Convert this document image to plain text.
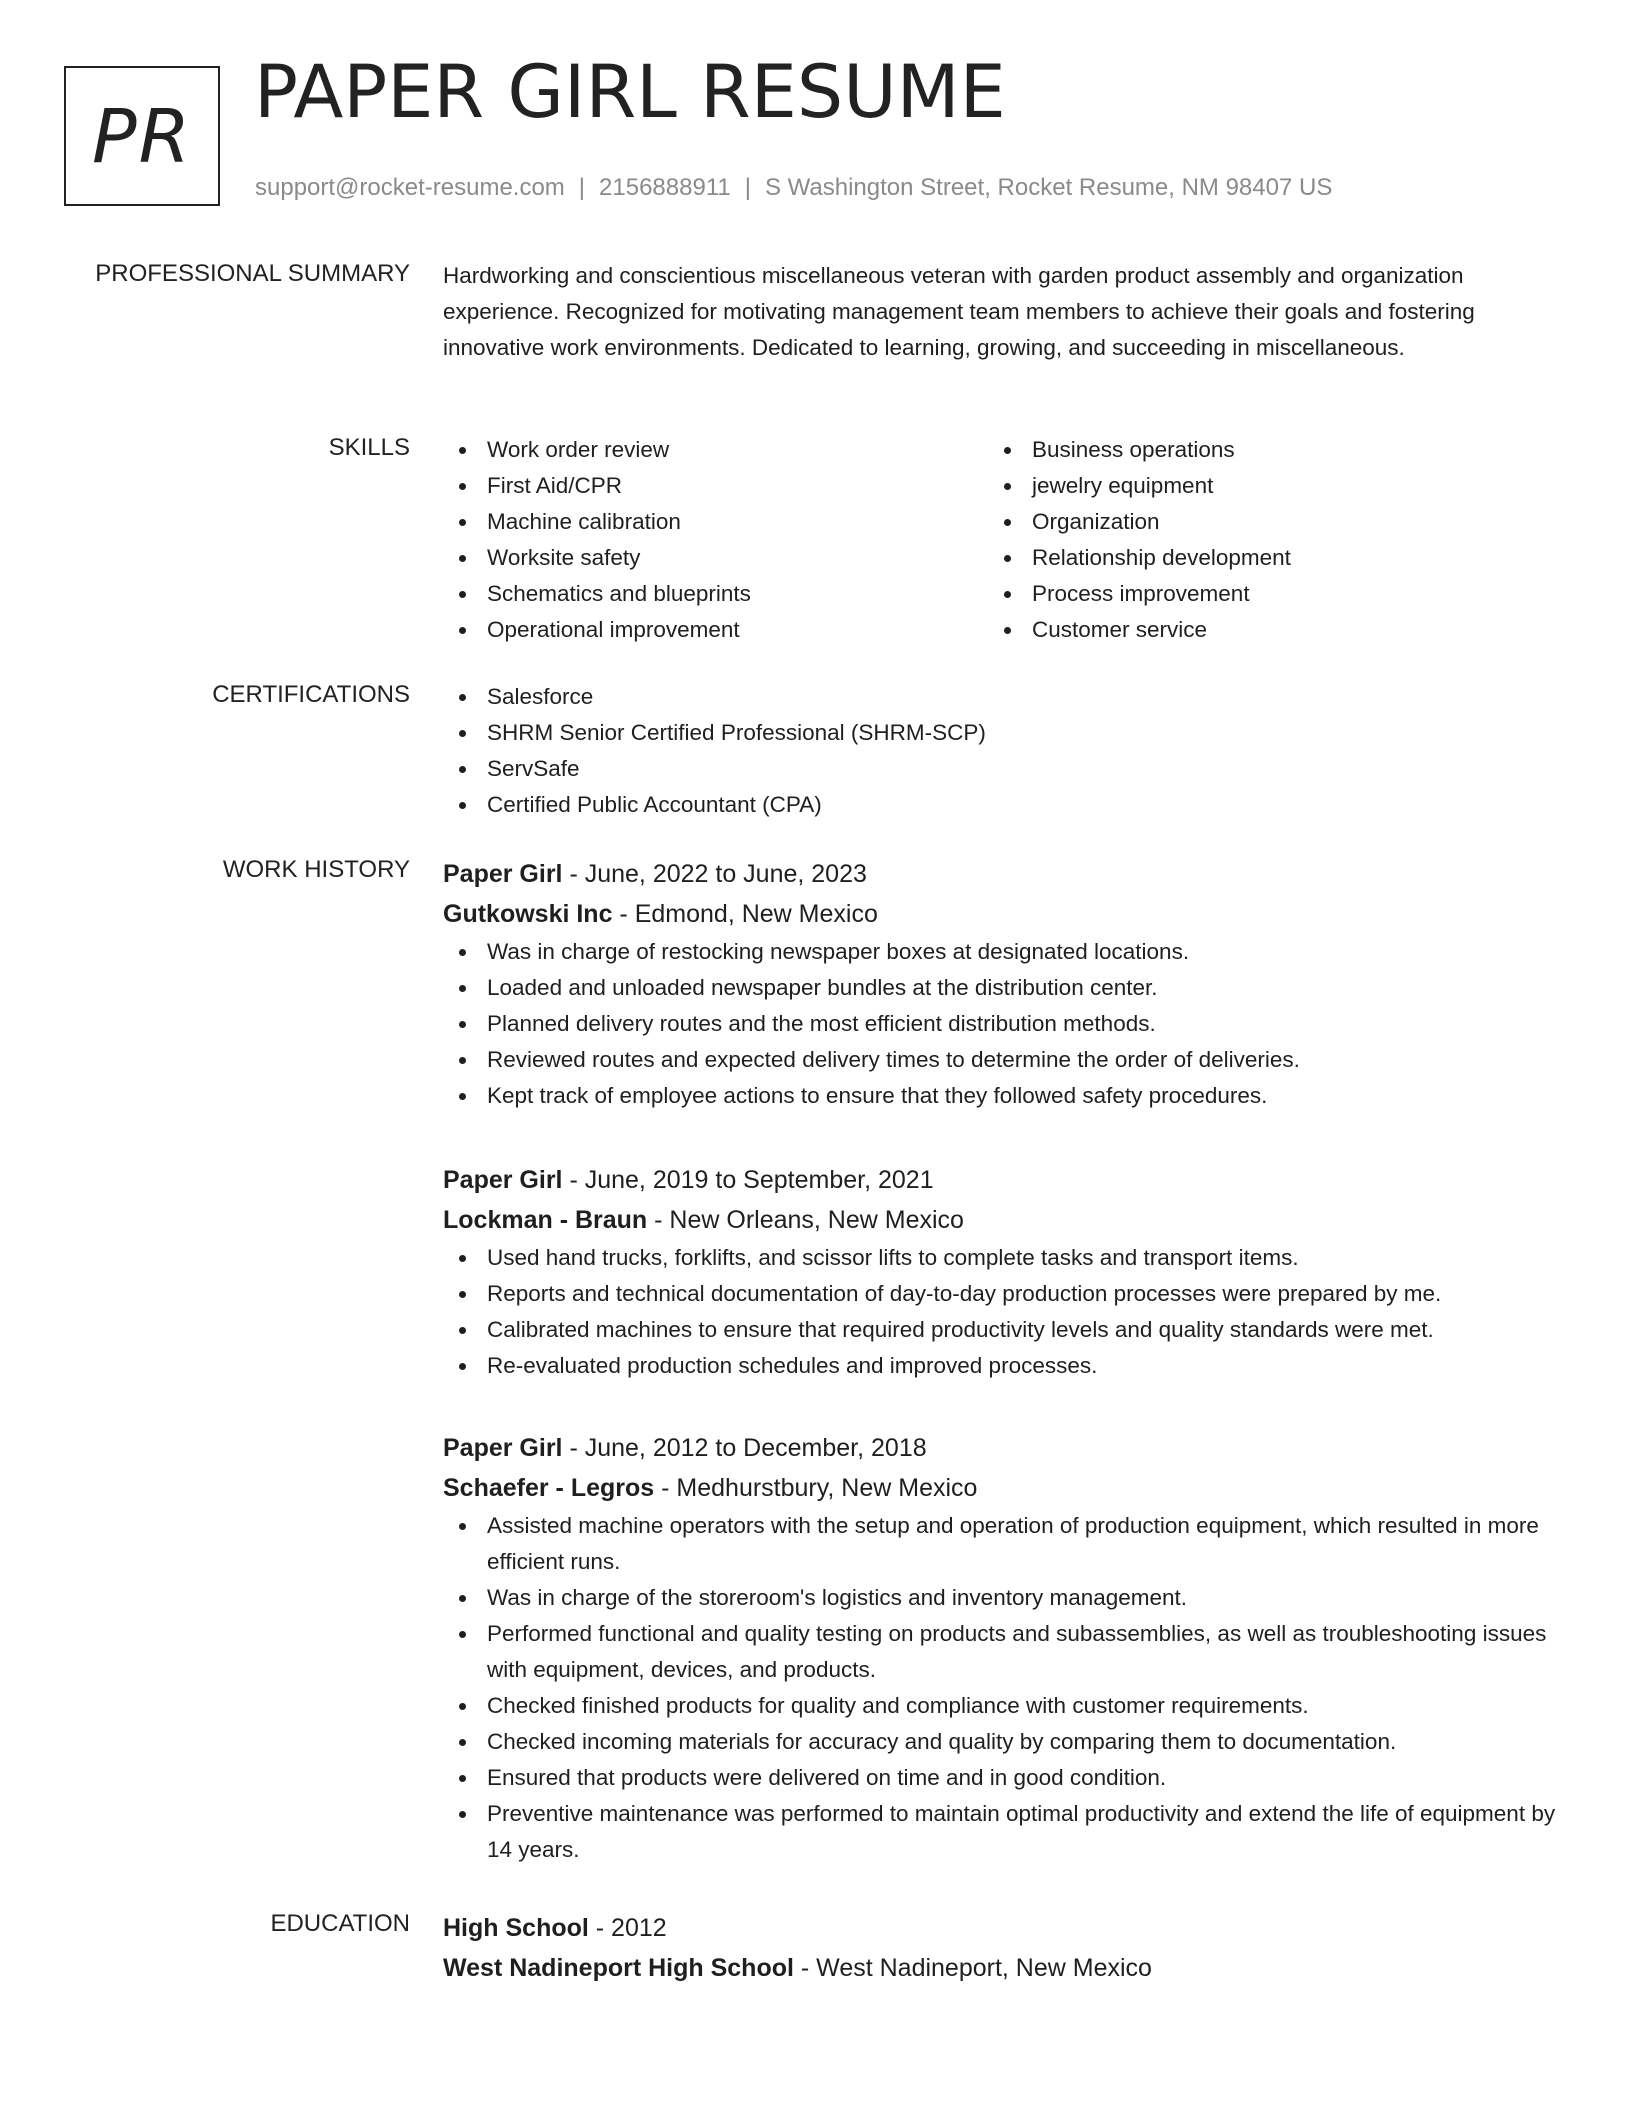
PR
PAPER GIRL RESUME
support@rocket-resume.com | 2156888911 | S Washington Street, Rocket Resume, NM 98407 US
PROFESSIONAL SUMMARY Hardworking and conscientious miscellaneous veteran with garden product assembly and organization experience. Recognized for motivating management team members to achieve their goals and fostering innovative work environments. Dedicated to learning, growing, and succeeding in miscellaneous.

SKILLS	Work order review
First Aid/CPR
Machine calibration
Worksite safety
Schematics and blueprints
Operational improvement
Business operations
jewelry equipment
Organization
Relationship development
Process improvement
Customer service
CERTIFICATIONS	Salesforce
SHRM Senior Certified Professional (SHRM-SCP)
ServSafe
Certified Public Accountant (CPA)
WORK HISTORY Paper Girl - June, 2022 to June, 2023
Gutkowski Inc - Edmond, New Mexico
Was in charge of restocking newspaper boxes at designated locations.
Loaded and unloaded newspaper bundles at the distribution center.
Planned delivery routes and the most efficient distribution methods.
Reviewed routes and expected delivery times to determine the order of deliveries.
Kept track of employee actions to ensure that they followed safety procedures.
Paper Girl - June, 2019 to September, 2021
Lockman - Braun - New Orleans, New Mexico
Used hand trucks, forklifts, and scissor lifts to complete tasks and transport items.
Reports and technical documentation of day-to-day production processes were prepared by me.
Calibrated machines to ensure that required productivity levels and quality standards were met.
Re-evaluated production schedules and improved processes.
Paper Girl - June, 2012 to December, 2018
Schaefer - Legros - Medhurstbury, New Mexico
Assisted machine operators with the setup and operation of production equipment, which resulted in more efficient runs.
Was in charge of the storeroom's logistics and inventory management.
Performed functional and quality testing on products and subassemblies, as well as troubleshooting issues with equipment, devices, and products.
Checked finished products for quality and compliance with customer requirements.
Checked incoming materials for accuracy and quality by comparing them to documentation.
Ensured that products were delivered on time and in good condition.
Preventive maintenance was performed to maintain optimal productivity and extend the life of equipment by 14 years.
EDUCATION High School - 2012
West Nadineport High School - West Nadineport, New Mexico
